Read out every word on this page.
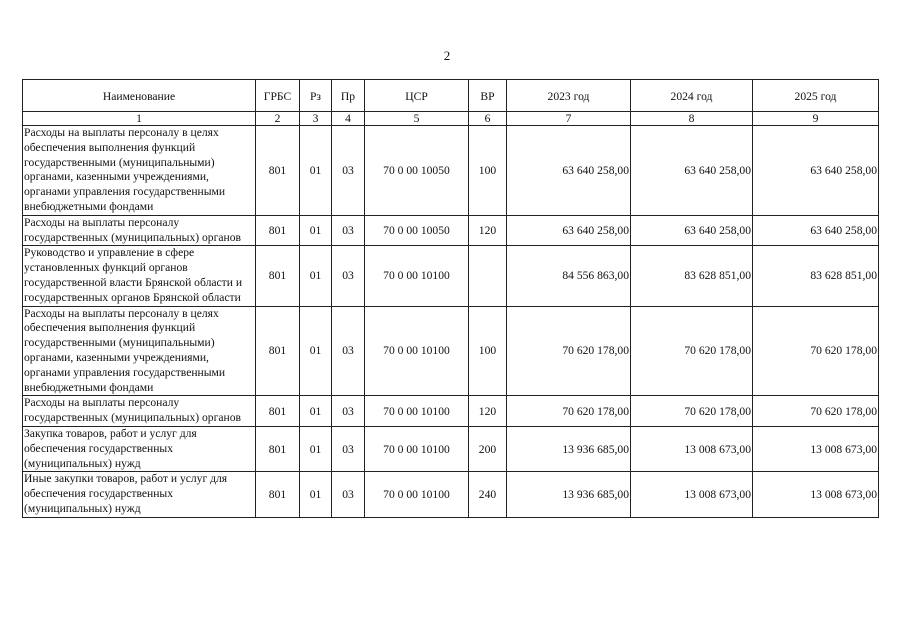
2
Наименование	ГРБС	Рз	Пр	ЦСР	ВР	2023 год	2024 год	2025 год
1	2	3	4	5	6	7	8	9
Расходы на выплаты персоналу в целях обеспечения выполнения функций государственными (муниципальными) органами, казенными учреждениями, органами управления государственными внебюджетными фондами	801	01	03	70 0 00 10050	100	63 640 258,00	63 640 258,00	63 640 258,00
Расходы на выплаты персоналу государственных (муниципальных) органов	801	01	03	70 0 00 10050	120	63 640 258,00	63 640 258,00	63 640 258,00
Руководство и управление в сфере установленных функций органов государственной власти Брянской области и государственных органов Брянской области	801	01	03	70 0 00 10100		84 556 863,00	83 628 851,00	83 628 851,00
Расходы на выплаты персоналу в целях обеспечения выполнения функций государственными (муниципальными) органами, казенными учреждениями, органами управления государственными внебюджетными фондами	801	01	03	70 0 00 10100	100	70 620 178,00	70 620 178,00	70 620 178,00
Расходы на выплаты персоналу государственных (муниципальных) органов	801	01	03	70 0 00 10100	120	70 620 178,00	70 620 178,00	70 620 178,00
Закупка товаров, работ и услуг для обеспечения государственных (муниципальных) нужд	801	01	03	70 0 00 10100	200	13 936 685,00	13 008 673,00	13 008 673,00
Иные закупки товаров, работ и услуг для обеспечения государственных (муниципальных) нужд	801	01	03	70 0 00 10100	240	13 936 685,00	13 008 673,00	13 008 673,00
